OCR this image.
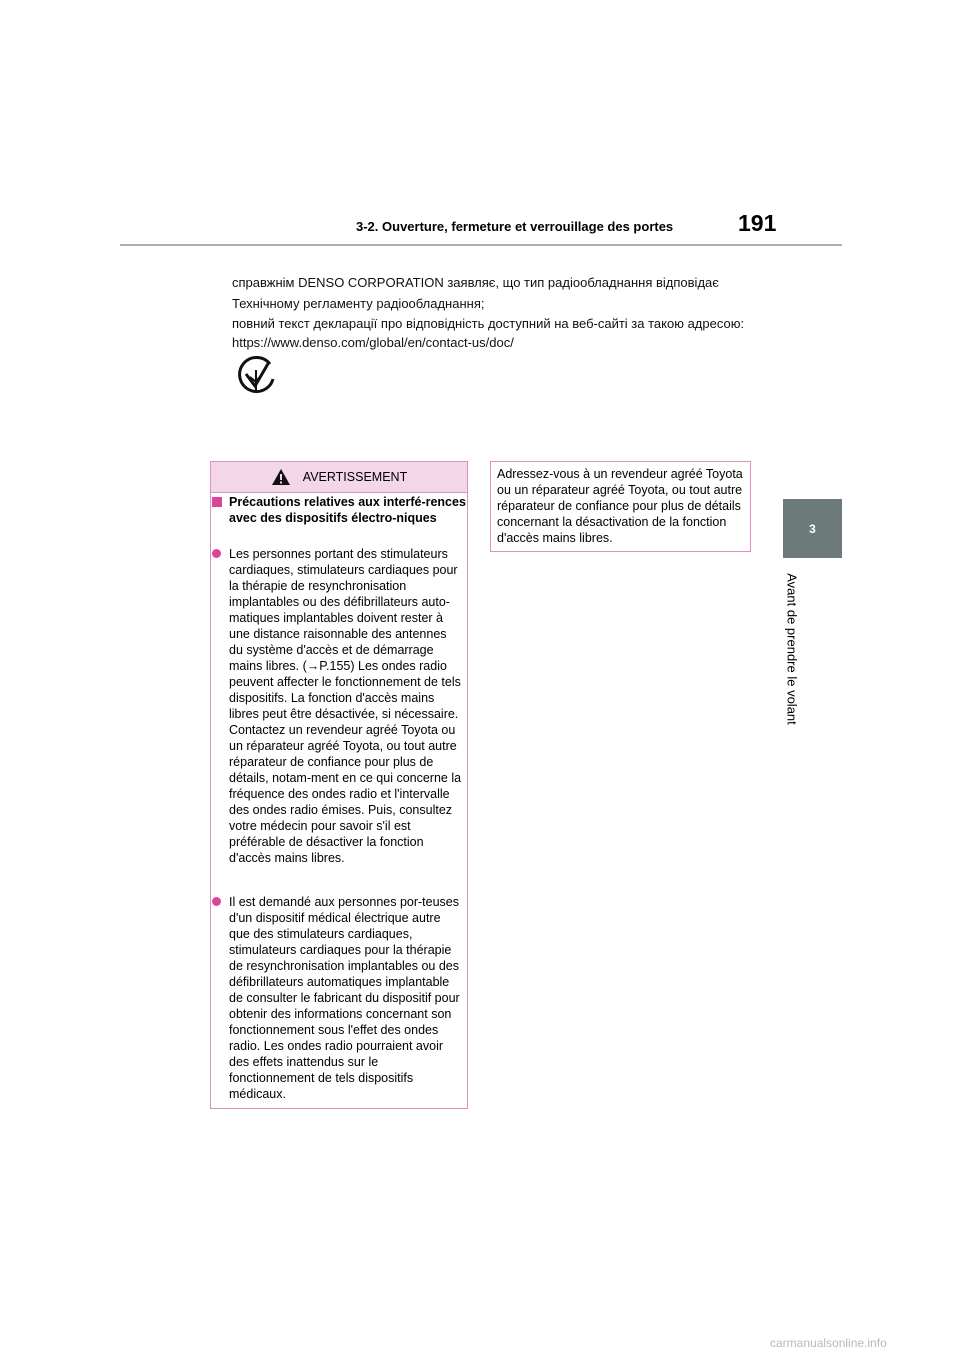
3-2. Ouverture, fermeture et verrouillage des portes	191
3
Avant de prendre le volant
справжнім DENSO CORPORATION заявляє, що тип радіообладнання відповідає
Технічному регламенту радіообладнання;
повний текст декларації про відповідність доступний на веб-сайті за такою адресою:
https://www.denso.com/global/en/contact-us/doc/
AVERTISSEMENT
Précautions relatives aux interfé-rences avec des dispositifs électro-niques
Les personnes portant des stimulateurs cardiaques, stimulateurs cardiaques pour la thérapie de resynchronisation implantables ou des défibrillateurs auto-matiques implantables doivent rester à une distance raisonnable des antennes du système d'accès et de démarrage mains libres. (→P.155) Les ondes radio peuvent affecter le fonctionnement de tels dispositifs. La fonction d'accès mains libres peut être désactivée, si nécessaire. Contactez un revendeur agréé Toyota ou un réparateur agréé Toyota, ou tout autre réparateur de confiance pour plus de détails, notam-ment en ce qui concerne la fréquence des ondes radio et l'intervalle des ondes radio émises. Puis, consultez votre médecin pour savoir s'il est préférable de désactiver la fonction d'accès mains libres.
Il est demandé aux personnes por-teuses d'un dispositif médical électrique autre que des stimulateurs cardiaques, stimulateurs cardiaques pour la thérapie de resynchronisation implantables ou des défibrillateurs automatiques implantable de consulter le fabricant du dispositif pour obtenir des informations concernant son fonctionnement sous l'effet des ondes radio. Les ondes radio pourraient avoir des effets inattendus sur le fonctionnement de tels dispositifs médicaux.
Adressez-vous à un revendeur agréé Toyota ou un réparateur agréé Toyota, ou tout autre réparateur de confiance pour plus de détails concernant la désactivation de la fonction d'accès mains libres.
carmanualsonline.info
